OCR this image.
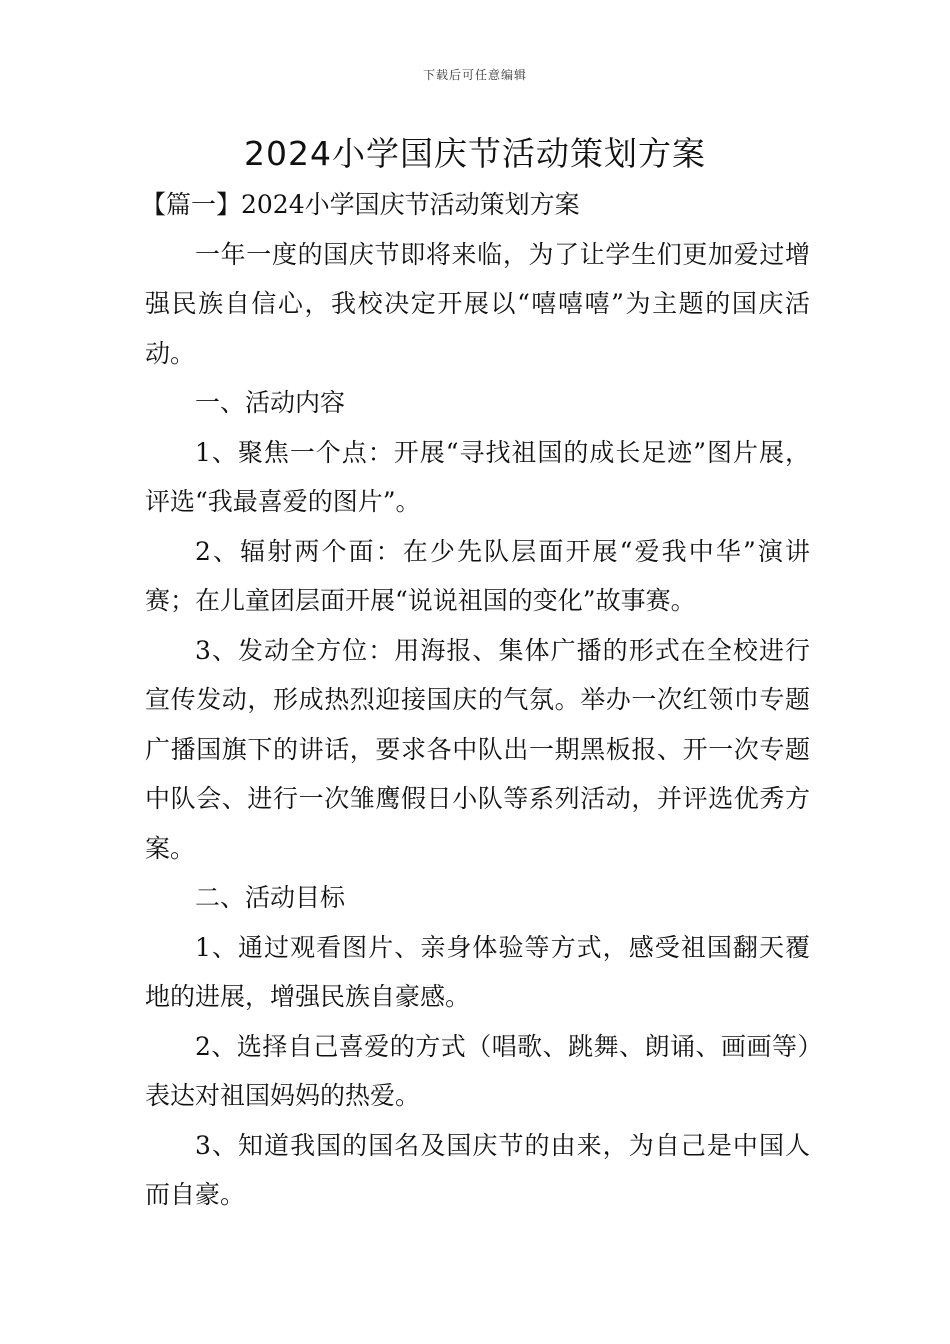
下载后可任意编辑
2024小学国庆节活动策划方案

【篇一】2024小学国庆节活动策划方案

一年一度的国庆节即将来临，为了让学生们更加爱过增强民族自信心，我校决定开展以“嘻嘻嘻”为主题的国庆活动。

一、活动内容

1、聚焦一个点：开展“寻找祖国的成长足迹”图片展，评选“我最喜爱的图片”。

2、辐射两个面：在少先队层面开展“爱我中华”演讲赛；在儿童团层面开展“说说祖国的变化”故事赛。

3、发动全方位：用海报、集体广播的形式在全校进行宣传发动，形成热烈迎接国庆的气氛。举办一次红领巾专题广播国旗下的讲话，要求各中队出一期黑板报、开一次专题中队会、进行一次雏鹰假日小队等系列活动，并评选优秀方案。

二、活动目标

1、通过观看图片、亲身体验等方式，感受祖国翻天覆地的进展，增强民族自豪感。

2、选择自己喜爱的方式（唱歌、跳舞、朗诵、画画等）表达对祖国妈妈的热爱。

3、知道我国的国名及国庆节的由来，为自己是中国人而自豪。
